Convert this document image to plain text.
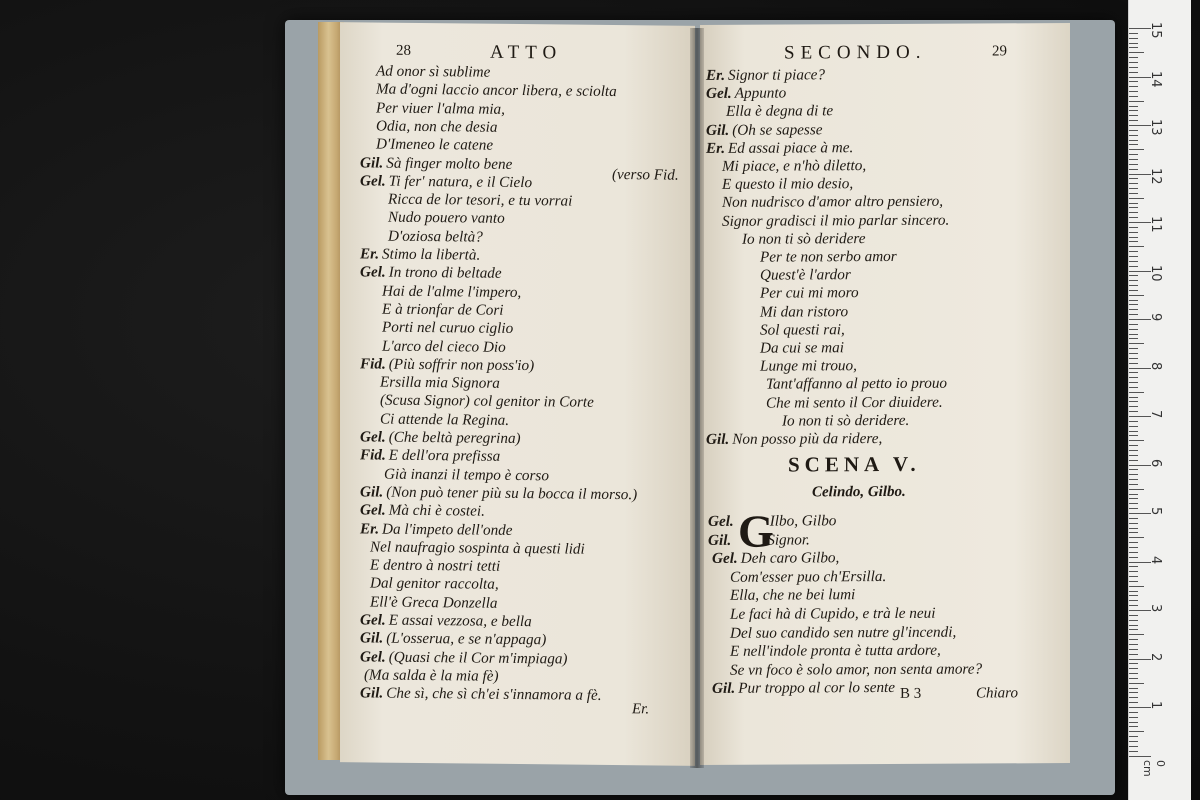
28	ATTO
Ad onor sì sublime
Ma d'ogni laccio ancor libera, e sciolta
Per viuer l'alma mia,
Odia, non che desia
D'Imeneo le catene
Gil. Sà finger molto bene
Gel. Ti fer' natura, e il Cielo
Ricca de lor tesori, e tu vorrai
Nudo pouero vanto
D'oziosa beltà?
Er. Stimo la libertà.
Gel. In trono di beltade
Hai de l'alme l'impero,
E à trionfar de Cori
Porti nel curuo ciglio
L'arco del cieco Dio
Fid. (Più soffrir non poss'io)
Ersilla mia Signora
(Scusa Signor) col genitor in Corte
Ci attende la Regina.
Gel. (Che beltà peregrina)
Fid. E dell'ora prefissa
Già inanzi il tempo è corso
Gil. (Non può tener più su la bocca il morso.)
Gel. Mà chi è costei.
Er. Da l'impeto dell'onde
Nel naufragio sospinta à questi lidi
E dentro à nostri tetti
Dal genitor raccolta,
Ell'è Greca Donzella
Gel. E assai vezzosa, e bella
Gil. (L'osserua, e se n'appaga)
Gel. (Quasi che il Cor m'impiaga)
(Ma salda è la mia fè)
Gil. Che sì, che sì ch'ei s'innamora a fè.
(verso Fid.
Er.
SECONDO.	29
Er. Signor ti piace?
Gel. Appunto
Ella è degna di te
Gil. (Oh se sapesse
Er. Ed assai piace à me.
Mi piace, e n'hò diletto,
E questo il mio desio,
Non nudrisco d'amor altro pensiero,
Signor gradisci il mio parlar sincero.
Io non ti sò deridere
Per te non serbo amor
Quest'è l'ardor
Per cui mi moro
Mi dan ristoro
Sol questi rai,
Da cui se mai
Lunge mi trouo,
Tant'affanno al petto io prouo
Che mi sento il Cor diuidere.
Io non ti sò deridere.
Gil. Non posso più da ridere,
SCENA V.
Celindo, Gilbo.
G
Gel. Ilbo, Gilbo
Gil. Signor.
Gel. Deh caro Gilbo,
Com'esser puo ch'Ersilla.
Ella, che ne bei lumi
Le faci hà di Cupido, e trà le neui
Del suo candido sen nutre gl'incendi,
E nell'indole pronta è tutta ardore,
Se vn foco è solo amor, non senta amore?
Gil. Pur troppo al cor lo sente B 3	Chiaro
15
14
13
12
11
10
9
8
7
6
5
4
3
2
1
0 cm
